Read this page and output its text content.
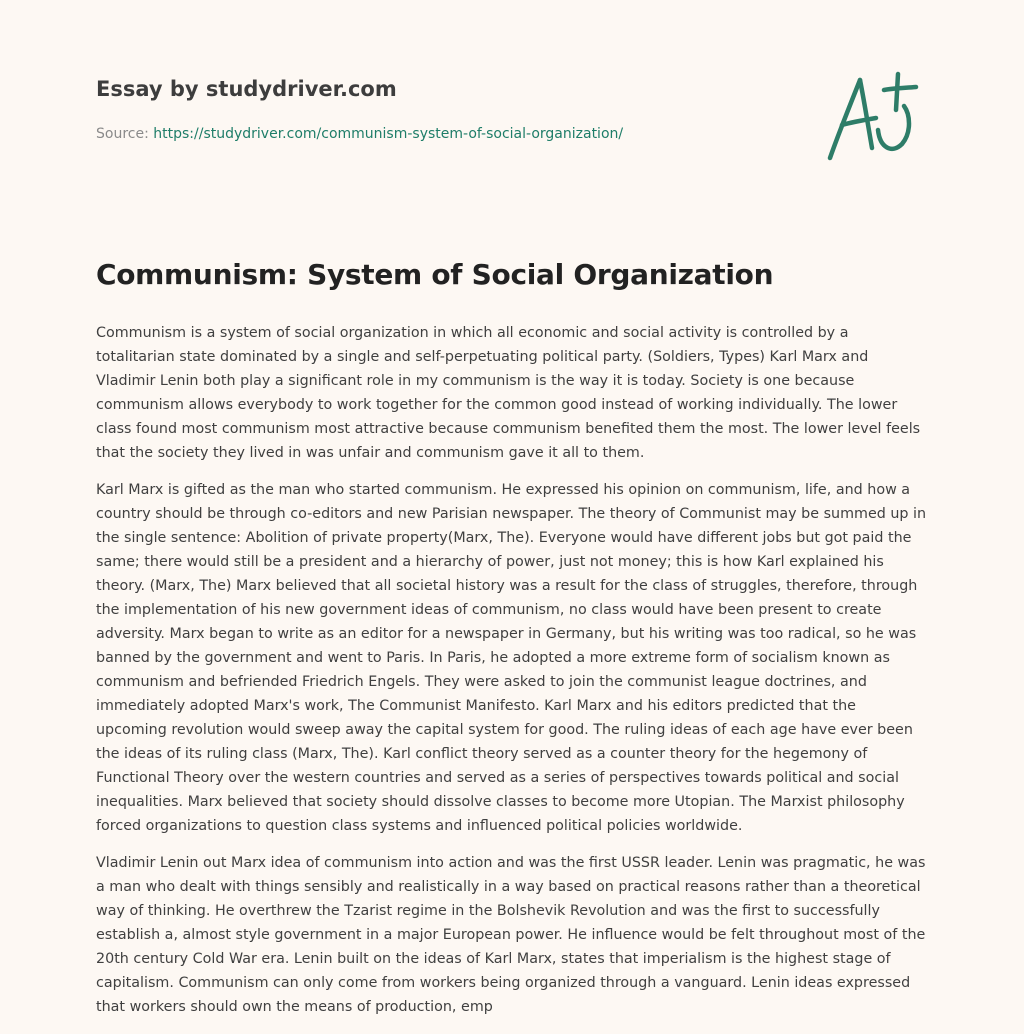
Essay by studydriver.com
Source: https://studydriver.com/communism-system-of-social-organization/
Communism: System of Social Organization

Communism is a system of social organization in which all economic and social activity is controlled by a totalitarian state dominated by a single and self-perpetuating political party. (Soldiers, Types) Karl Marx and Vladimir Lenin both play a significant role in my communism is the way it is today. Society is one because communism allows everybody to work together for the common good instead of working individually. The lower class found most communism most attractive because communism benefited them the most. The lower level feels that the society they lived in was unfair and communism gave it all to them.

Karl Marx is gifted as the man who started communism. He expressed his opinion on communism, life, and how a country should be through co-editors and new Parisian newspaper. The theory of Communist may be summed up in the single sentence: Abolition of private property(Marx, The). Everyone would have different jobs but got paid the same; there would still be a president and a hierarchy of power, just not money; this is how Karl explained his theory. (Marx, The) Marx believed that all societal history was a result for the class of struggles, therefore, through the implementation of his new government ideas of communism, no class would have been present to create adversity. Marx began to write as an editor for a newspaper in Germany, but his writing was too radical, so he was banned by the government and went to Paris. In Paris, he adopted a more extreme form of socialism known as communism and befriended Friedrich Engels. They were asked to join the communist league doctrines, and immediately adopted Marx's work, The Communist Manifesto. Karl Marx and his editors predicted that the upcoming revolution would sweep away the capital system for good. The ruling ideas of each age have ever been the ideas of its ruling class (Marx, The). Karl conflict theory served as a counter theory for the hegemony of Functional Theory over the western countries and served as a series of perspectives towards political and social inequalities. Marx believed that society should dissolve classes to become more Utopian. The Marxist philosophy forced organizations to question class systems and influenced political policies worldwide.

Vladimir Lenin out Marx idea of communism into action and was the first USSR leader. Lenin was pragmatic, he was a man who dealt with things sensibly and realistically in a way based on practical reasons rather than a theoretical way of thinking. He overthrew the Tzarist regime in the Bolshevik Revolution and was the first to successfully establish a, almost style government in a major European power. He influence would be felt throughout most of the 20th century Cold War era. Lenin built on the ideas of Karl Marx, states that imperialism is the highest stage of capitalism. Communism can only come from workers being organized through a vanguard. Lenin ideas expressed that workers should own the means of production, emp
